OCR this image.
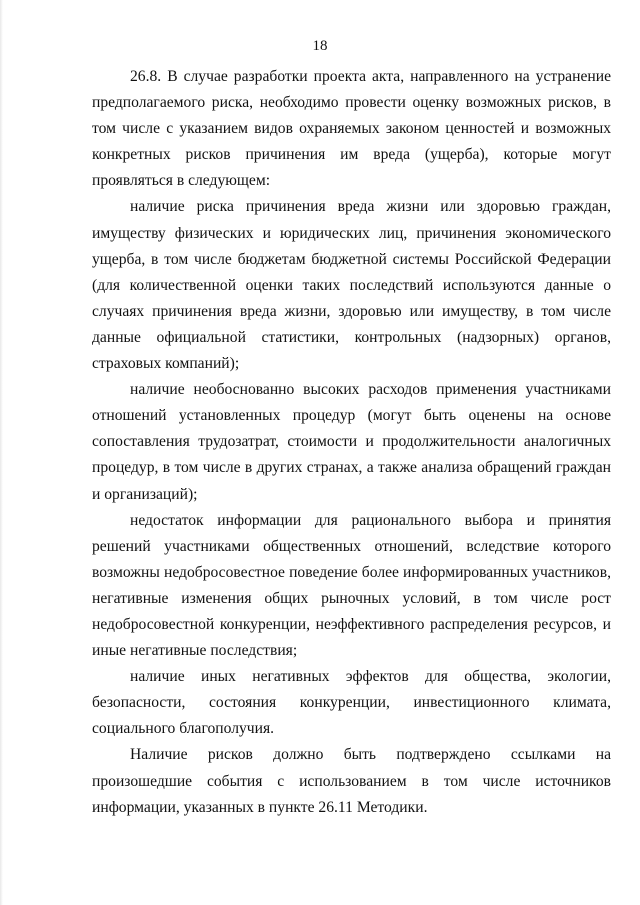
18

26.8. В случае разработки проекта акта, направленного на устранение предполагаемого риска, необходимо провести оценку возможных рисков, в том числе с указанием видов охраняемых законом ценностей и возможных конкретных рисков причинения им вреда (ущерба), которые могут проявляться в следующем:

наличие риска причинения вреда жизни или здоровью граждан, имуществу физических и юридических лиц, причинения экономического ущерба, в том числе бюджетам бюджетной системы Российской Федерации (для количественной оценки таких последствий используются данные о случаях причинения вреда жизни, здоровью или имуществу, в том числе данные официальной статистики, контрольных (надзорных) органов, страховых компаний);

наличие необоснованно высоких расходов применения участниками отношений установленных процедур (могут быть оценены на основе сопоставления трудозатрат, стоимости и продолжительности аналогичных процедур, в том числе в других странах, а также анализа обращений граждан и организаций);

недостаток информации для рационального выбора и принятия решений участниками общественных отношений, вследствие которого возможны недобросовестное поведение более информированных участников, негативные изменения общих рыночных условий, в том числе рост недобросовестной конкуренции, неэффективного распределения ресурсов, и иные негативные последствия;

наличие иных негативных эффектов для общества, экологии, безопасности, состояния конкуренции, инвестиционного климата, социального благополучия.

Наличие рисков должно быть подтверждено ссылками на произошедшие события с использованием в том числе источников информации, указанных в пункте 26.11 Методики.
